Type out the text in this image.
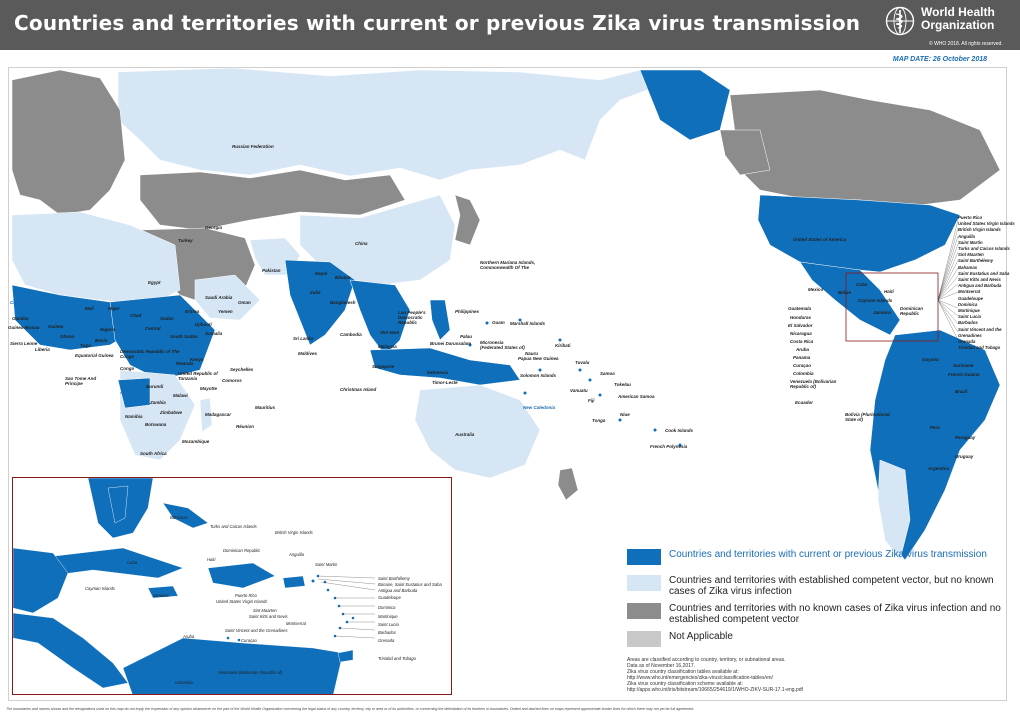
Countries and territories with current or previous Zika virus transmission	World Health
Organization
© WHO 2018. All rights reserved.
MAP DATE: 26 October 2018
Russian Federation
Georgia
Turkey
China
Pakistan
Nepal
Bhutan
Egypt
India
Saudi Arabia
Oman	Bangladesh
Cabo Verde
Mali	Niger
Eritrea	Yemen
Gambia
Chad
Sudan
Djibouti
Guinea-Bissau Guinea
Nigeria	Central
Somalia
Sierra Leone
Ghana	South Sudan
Liberia
Togo
Benin
Equatorial Guinea
Democratic Republic of The Congo
Kenya
Rwanda
Congo
Sao Tome And Principe
Burundi
United Republic of Tanzania
Seychelles
Comoros
Mayotte
Angola
Malawi
Zambia
Namibia
Zimbabwe	Madagascar
Mauritius
Réunion
Botswana
Mozambique
South Africa
Lao People's Democratic Republic
Philippines
Guam Marshall Islands
Northern Mariana Islands, Commonwealth Of The
Viet Nam
Cambodia	Palau
Sri Lanka
Micronesia (Federated States of)
Brunei Darussalam	Kiribati
Maldives
Malaysia
Singapore
Nauru
Papua New Guinea
Tuvalu
Indonesia
Solomon Islands	Samoa
Timor-Leste
Christmas Island
Tokelau
Vanuatu
American Samoa
Fiji
New Caledonia
Niue
Tonga
Australia
Cook Islands
French Polynesia
United States of America
Mexico
Cuba
Belize	Haiti
Cayman Islands
Jamaica
Dominican Republic
Guatemala
Honduras
El Salvador
Nicaragua
Costa Rica
Aruba
Panama
Curaçao
Colombia
Venezuela (Bolivarian Republic of)
Ecuador
Suriname
French Guiana
Guyana
Brazil
Peru
Bolivia (Plurinational State of)
Paraguay
Uruguay
Argentina
Puerto Rico
United States Virgin Islands
British Virgin Islands
Anguilla
Saint Martin
Turks and Caicos Islands
Sint Maarten
Saint Barthélemy
Bahamas
Saint Eustatius and Saba
Saint Kitts and Nevis
Antigua and Barbuda
Montserrat
Guadeloupe
Dominica
Martinique
Saint Lucia
Barbados
Saint Vincent and the Grenadines
Grenada
Trinidad and Tobago
Bahamas
Turks and Caicos Islands
British Virgin Islands
Dominican Republic
Haiti
Anguilla
Cuba	Saint Martin
Cayman Islands
Saint Barthélemy
Bonaire, Saint Eustatius and Saba
Antigua and Barbuda
Jamaica	Puerto Rico
United States Virgin Islands
Guadeloupe
Sint Maarten
Saint Kitts and Nevis
Dominica
Montserrat
Martinique
Saint Lucia
Saint Vincent and the Grenadines	Barbados
Aruba
Curaçao	Grenada
Trinidad and Tobago
Venezuela (Bolivarian Republic of)
Colombia
Countries and territories with current or previous Zika virus transmission
Countries and territories with established competent vector, but no known cases of Zika virus infection
Countries and territories with no known cases of Zika virus infection and no established competent vector
Not Applicable
Areas are classified according to country, territory, or subnational areas.
Data as of November 16,2017.
Zika virus country classification tables available at:
http://www.who.int/emergencies/zika-virus/classification-tables/en/
Zika virus country classification scheme available at:
http://apps.who.int/iris/bitstream/10665/254619/1/WHO-ZIKV-SUR-17.1-eng.pdf
The boundaries and names shown and the designations used on this map do not imply the expression of any opinion whatsoever on the part of the World Health Organization concerning the legal status of any country, territory, city or area or of its authorities, or concerning the delimitation of its frontiers or boundaries. Dotted and dashed lines on maps represent approximate border lines for which there may not yet be full agreement.
